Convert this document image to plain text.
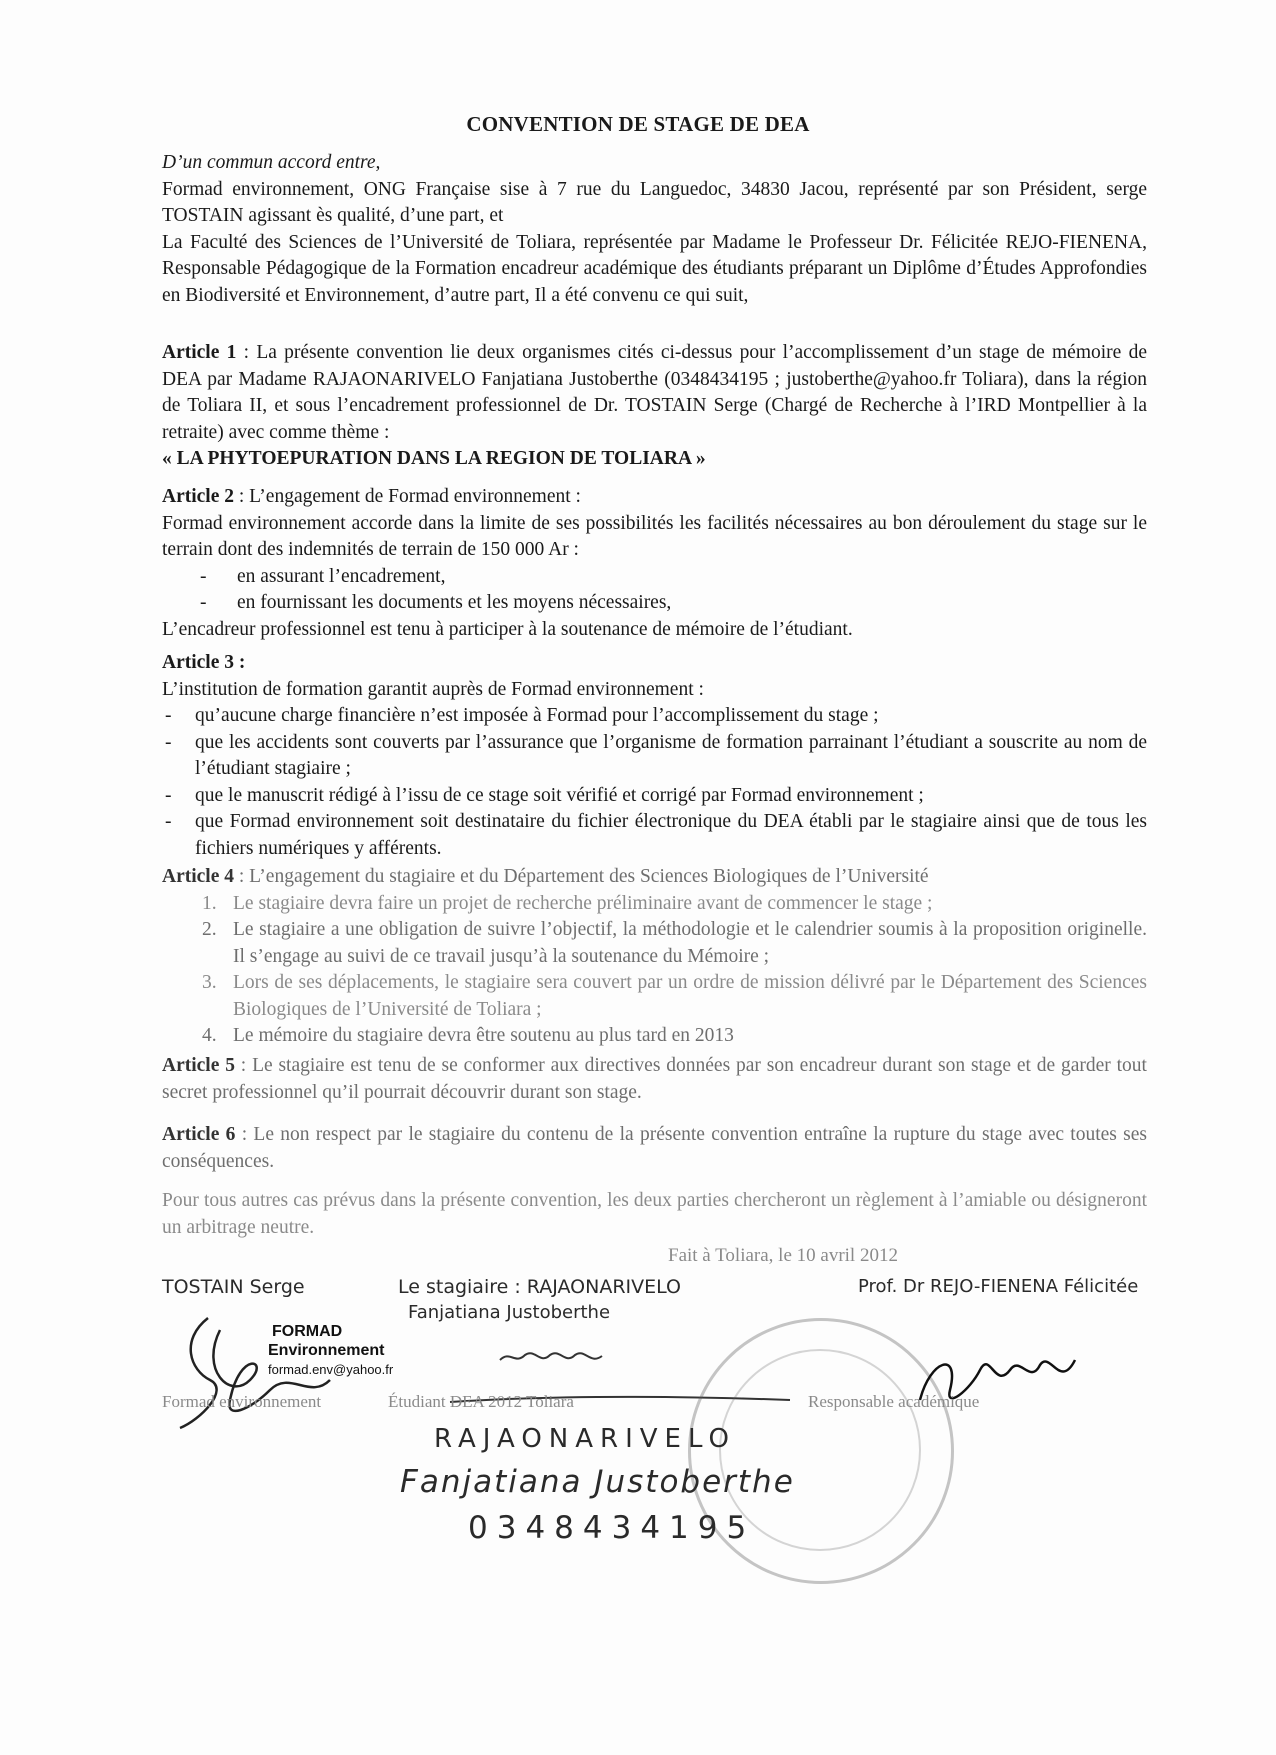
CONVENTION DE STAGE DE DEA

D’un commun accord entre,

Formad environnement, ONG Française sise à 7 rue du Languedoc, 34830 Jacou, représenté par son Président, serge TOSTAIN agissant ès qualité, d’une part, et

La Faculté des Sciences de l’Université de Toliara, représentée par Madame le Professeur Dr. Félicitée REJO-FIENENA, Responsable Pédagogique de la Formation encadreur académique des étudiants préparant un Diplôme d’Études Approfondies en Biodiversité et Environnement, d’autre part, Il a été convenu ce qui suit,

Article 1 : La présente convention lie deux organismes cités ci-dessus pour l’accomplissement d’un stage de mémoire de DEA par Madame RAJAONARIVELO Fanjatiana Justoberthe (0348434195 ; justoberthe@yahoo.fr Toliara), dans la région de Toliara II, et sous l’encadrement professionnel de Dr. TOSTAIN Serge (Chargé de Recherche à l’IRD Montpellier à la retraite) avec comme thème :

« LA PHYTOEPURATION DANS LA REGION DE TOLIARA »

Article 2 : L’engagement de Formad environnement :

Formad environnement accorde dans la limite de ses possibilités les facilités nécessaires au bon déroulement du stage sur le terrain dont des indemnités de terrain de 150 000 Ar :

- en assurant l’encadrement,
- en fournissant les documents et les moyens nécessaires,

L’encadreur professionnel est tenu à participer à la soutenance de mémoire de l’étudiant.

Article 3 :

L’institution de formation garantit auprès de Formad environnement :

- qu’aucune charge financière n’est imposée à Formad pour l’accomplissement du stage ;
- que les accidents sont couverts par l’assurance que l’organisme de formation parrainant l’étudiant a souscrite au nom de l’étudiant stagiaire ;
- que le manuscrit rédigé à l’issu de ce stage soit vérifié et corrigé par Formad environnement ;
- que Formad environnement soit destinataire du fichier électronique du DEA établi par le stagiaire ainsi que de tous les fichiers numériques y afférents.

Article 4 : L’engagement du stagiaire et du Département des Sciences Biologiques de l’Université

1. Le stagiaire devra faire un projet de recherche préliminaire avant de commencer le stage ;
2. Le stagiaire a une obligation de suivre l’objectif, la méthodologie et le calendrier soumis à la proposition originelle. Il s’engage au suivi de ce travail jusqu’à la soutenance du Mémoire ;
3. Lors de ses déplacements, le stagiaire sera couvert par un ordre de mission délivré par le Département des Sciences Biologiques de l’Université de Toliara ;
4. Le mémoire du stagiaire devra être soutenu au plus tard en 2013

Article 5 : Le stagiaire est tenu de se conformer aux directives données par son encadreur durant son stage et de garder tout secret professionnel qu’il pourrait découvrir durant son stage.

Article 6 : Le non respect par le stagiaire du contenu de la présente convention entraîne la rupture du stage avec toutes ses conséquences.

Pour tous autres cas prévus dans la présente convention, les deux parties chercheront un règlement à l’amiable ou désigneront un arbitrage neutre.

Fait à Toliara, le 10 avril 2012
TOSTAIN Serge	Le stagiaire : RAJAONARIVELO	Prof. Dr REJO-FIENENA Félicitée
Fanjatiana Justoberthe
FORMAD
Environnement
formad.env@yahoo.fr
Formad environnement	Étudiant DEA 2012 Toliara	Responsable académique
RAJAONARIVELO
Fanjatiana Justoberthe
0348434195
